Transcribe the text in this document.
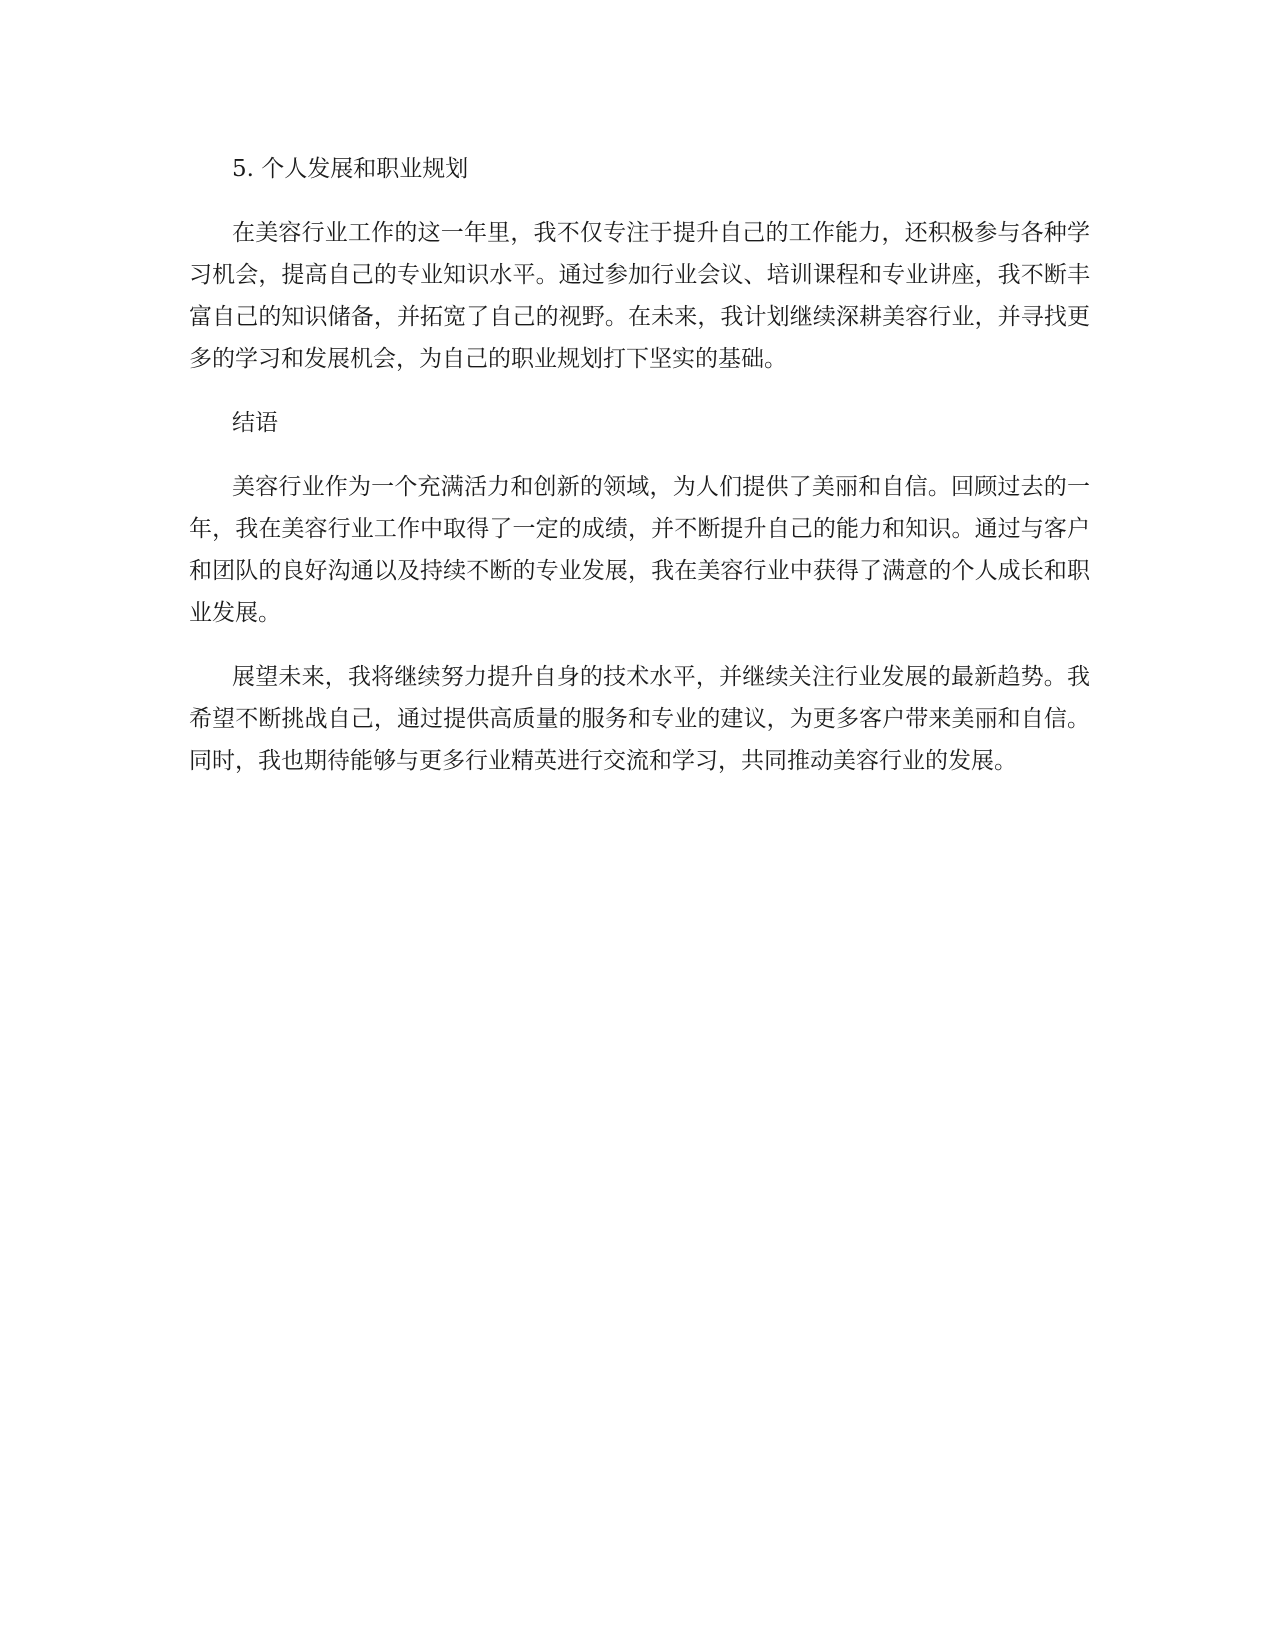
5. 个人发展和职业规划

在美容行业工作的这一年里，我不仅专注于提升自己的工作能力，还积极参与各种学习机会，提高自己的专业知识水平。通过参加行业会议、培训课程和专业讲座，我不断丰富自己的知识储备，并拓宽了自己的视野。在未来，我计划继续深耕美容行业，并寻找更多的学习和发展机会，为自己的职业规划打下坚实的基础。

结语

美容行业作为一个充满活力和创新的领域，为人们提供了美丽和自信。回顾过去的一年，我在美容行业工作中取得了一定的成绩，并不断提升自己的能力和知识。通过与客户和团队的良好沟通以及持续不断的专业发展，我在美容行业中获得了满意的个人成长和职业发展。

展望未来，我将继续努力提升自身的技术水平，并继续关注行业发展的最新趋势。我希望不断挑战自己，通过提供高质量的服务和专业的建议，为更多客户带来美丽和自信。同时，我也期待能够与更多行业精英进行交流和学习，共同推动美容行业的发展。
